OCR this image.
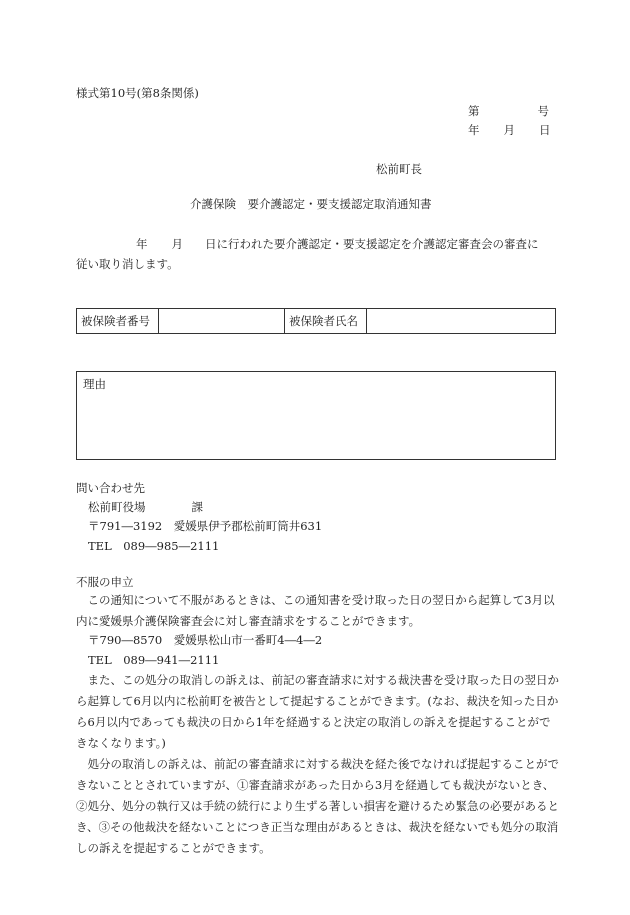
様式第10号(第8条関係)
第	号
年 月 日
松前町長
介護保険　要介護認定・要支援認定取消通知書
年 月 日に行われた要介護認定・要支援認定を介護認定審査会の審査に
従い取り消します。
被保険者番号		被保険者氏名	
理由
問い合わせ先
松前町役場	課
〒791―3192　愛媛県伊予郡松前町筒井631
TEL　089―985―2111
不服の申立

この通知について不服があるときは、この通知書を受け取った日の翌日から起算して3月以内に愛媛県介護保険審査会に対し審査請求をすることができます。

〒790―8570　愛媛県松山市一番町4―4―2
TEL　089―941―2111

また、この処分の取消しの訴えは、前記の審査請求に対する裁決書を受け取った日の翌日から起算して6月以内に松前町を被告として提起することができます。(なお、裁決を知った日から6月以内であっても裁決の日から1年を経過すると決定の取消しの訴えを提起することができなくなります。)

処分の取消しの訴えは、前記の審査請求に対する裁決を経た後でなければ提起することができないこととされていますが、①審査請求があった日から3月を経過しても裁決がないとき、②処分、処分の執行又は手続の続行により生ずる著しい損害を避けるため緊急の必要があるとき、③その他裁決を経ないことにつき正当な理由があるときは、裁決を経ないでも処分の取消しの訴えを提起することができます。
